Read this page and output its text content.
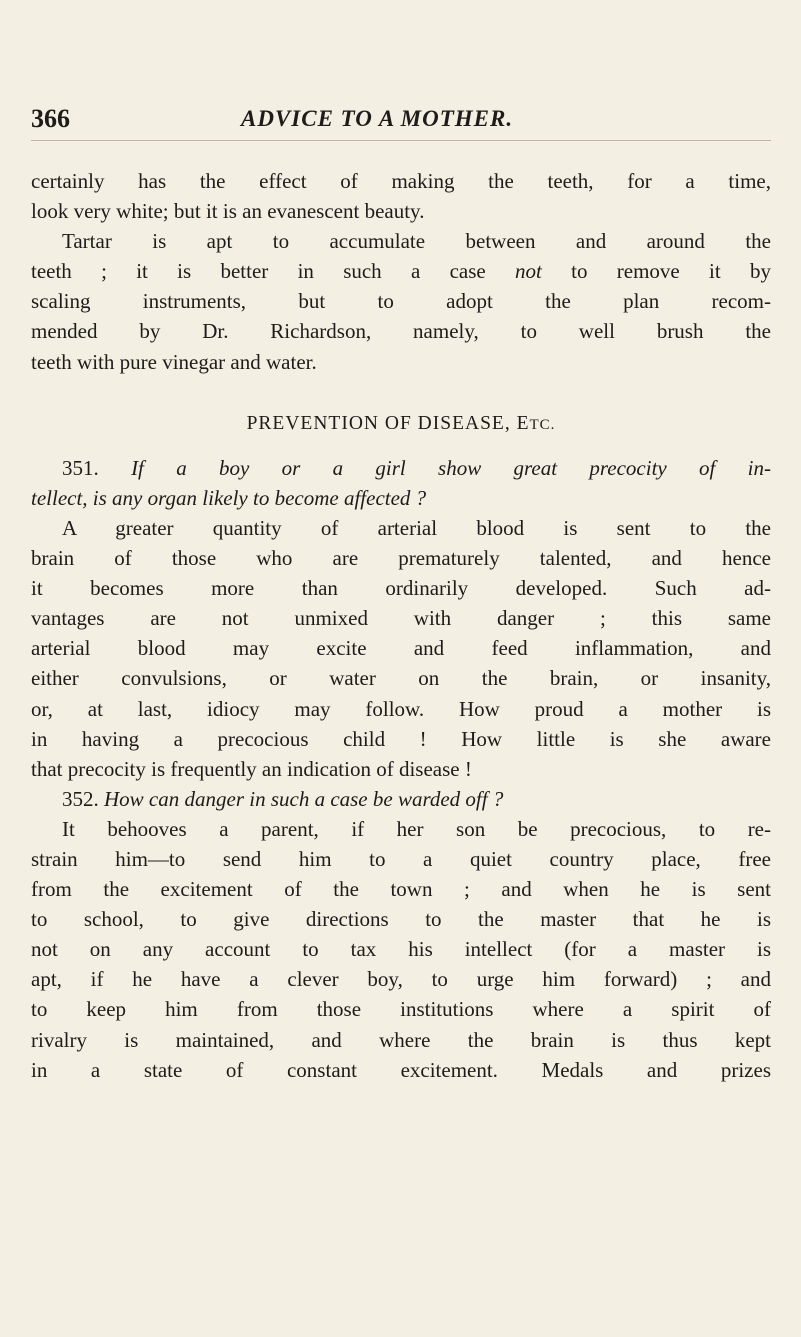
366	ADVICE TO A MOTHER.
certainly has the effect of making the teeth, for a time,
look very white; but it is an evanescent beauty.
Tartar is apt to accumulate between and around the
teeth ; it is better in such a case not to remove it by
scaling instruments, but to adopt the plan recom-
mended by Dr. Richardson, namely, to well brush the
teeth with pure vinegar and water.
PREVENTION OF DISEASE, ETC.
351. If a boy or a girl show great precocity of in-
tellect, is any organ likely to become affected ?
A greater quantity of arterial blood is sent to the
brain of those who are prematurely talented, and hence
it becomes more than ordinarily developed. Such ad-
vantages are not unmixed with danger ; this same
arterial blood may excite and feed inflammation, and
either convulsions, or water on the brain, or insanity,
or, at last, idiocy may follow. How proud a mother is
in having a precocious child ! How little is she aware
that precocity is frequently an indication of disease !
352. How can danger in such a case be warded off ?
It behooves a parent, if her son be precocious, to re-
strain him—to send him to a quiet country place, free
from the excitement of the town ; and when he is sent
to school, to give directions to the master that he is
not on any account to tax his intellect (for a master is
apt, if he have a clever boy, to urge him forward) ; and
to keep him from those institutions where a spirit of
rivalry is maintained, and where the brain is thus kept
in a state of constant excitement. Medals and prizes
